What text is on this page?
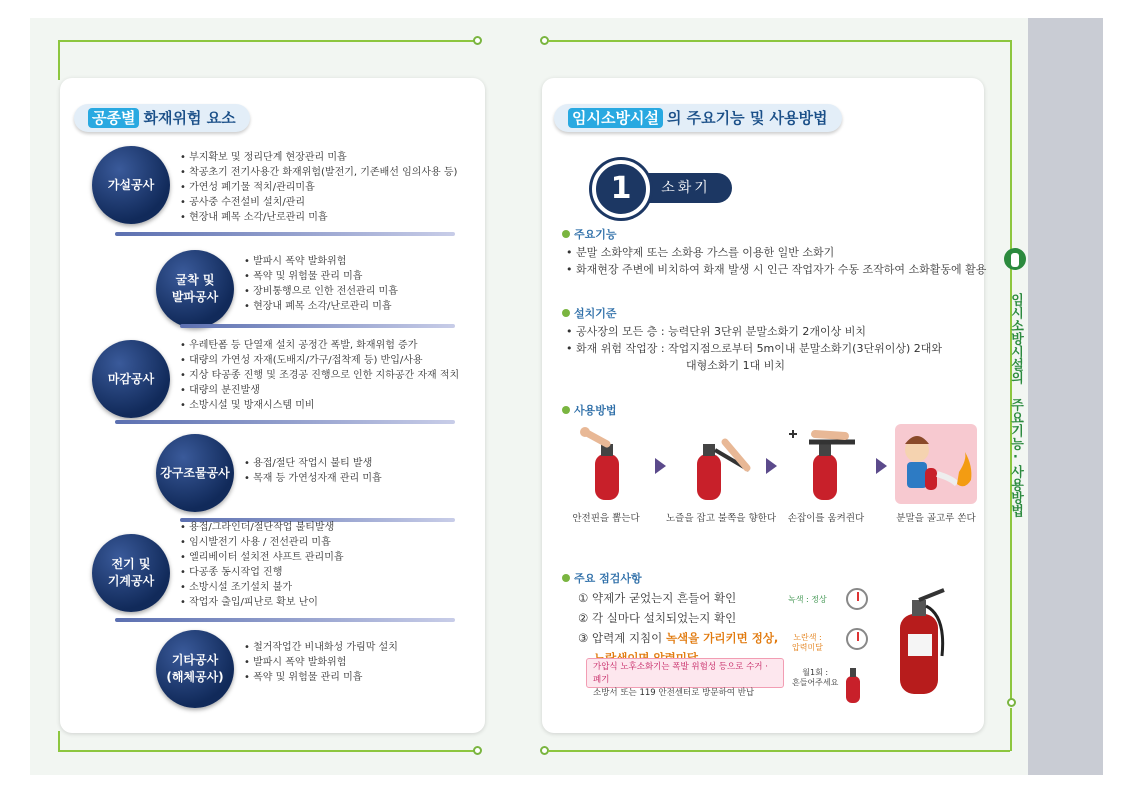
공종별 화재위험 요소
가설공사
• 부지확보 및 정리단계 현장관리 미흡
• 착공초기 전기사용간 화재위험(발전기, 기존배선 임의사용 등)
• 가연성 폐기물 적치/관리미흡
• 공사중 수전설비 설치/관리
• 현장내 폐목 소각/난로관리 미흡
굴착 및
발파공사
• 발파시 폭약 발화위험
• 폭약 및 위험물 관리 미흡
• 장비통행으로 인한 전선관리 미흡
• 현장내 폐목 소각/난로관리 미흡
마감공사
• 우레탄폼 등 단열재 설치 공정간 폭발, 화재위험 증가
• 대량의 가연성 자재(도배지/가구/접착제 등) 반입/사용
• 지상 타공종 진행 및 조경공 진행으로 인한 지하공간 자재 적치
• 대량의 분진발생
• 소방시설 및 방재시스템 미비
강구조물공사
• 용접/절단 작업시 불티 발생
• 목재 등 가연성자재 관리 미흡
전기 및
기계공사
• 용접/그라인더/절단작업 불티발생
• 임시발전기 사용 / 전선관리 미흡
• 엘리베이터 설치전 샤프트 관리미흡
• 다공종 동시작업 진행
• 소방시설 조기설치 불가
• 작업자 출입/피난로 확보 난이
기타공사
(해체공사)
• 철거작업간 비내화성 가림막 설치
• 발파시 폭약 발화위험
• 폭약 및 위험물 관리 미흡
임시소방시설 의 주요기능 및 사용방법
소화기
1
주요기능
• 분말 소화약제 또는 소화용 가스를 이용한 일반 소화기
• 화재현장 주변에 비치하여 화재 발생 시 인근 작업자가 수동 조작하여 소화활동에 활용
설치기준
• 공사장의 모든 층 : 능력단위 3단위 분말소화기 2개이상 비치
• 화재 위험 작업장 : 작업지점으로부터 5m이내 분말소화기(3단위이상) 2대와
대형소화기 1대 비치
사용방법
안전핀을 뽑는다	노즐을 잡고 불쪽을 향한다	손잡이를 움켜쥔다	분말을 골고루 쏜다
주요 점검사항
① 약제가 굳었는지 흔들어 확인
② 각 실마다 설치되었는지 확인
③ 압력계 지침이 녹색을 가리키면 정상,
가압식 노후소화기는 폭발 위험성 등으로 수거 · 폐기
소방서 또는 119 안전센터로 방문하여 반납
녹색 : 정상
노란색 :
압력미달
월1회 :
흔들어주세요
임시소방시설의
주요기능·사용방법
